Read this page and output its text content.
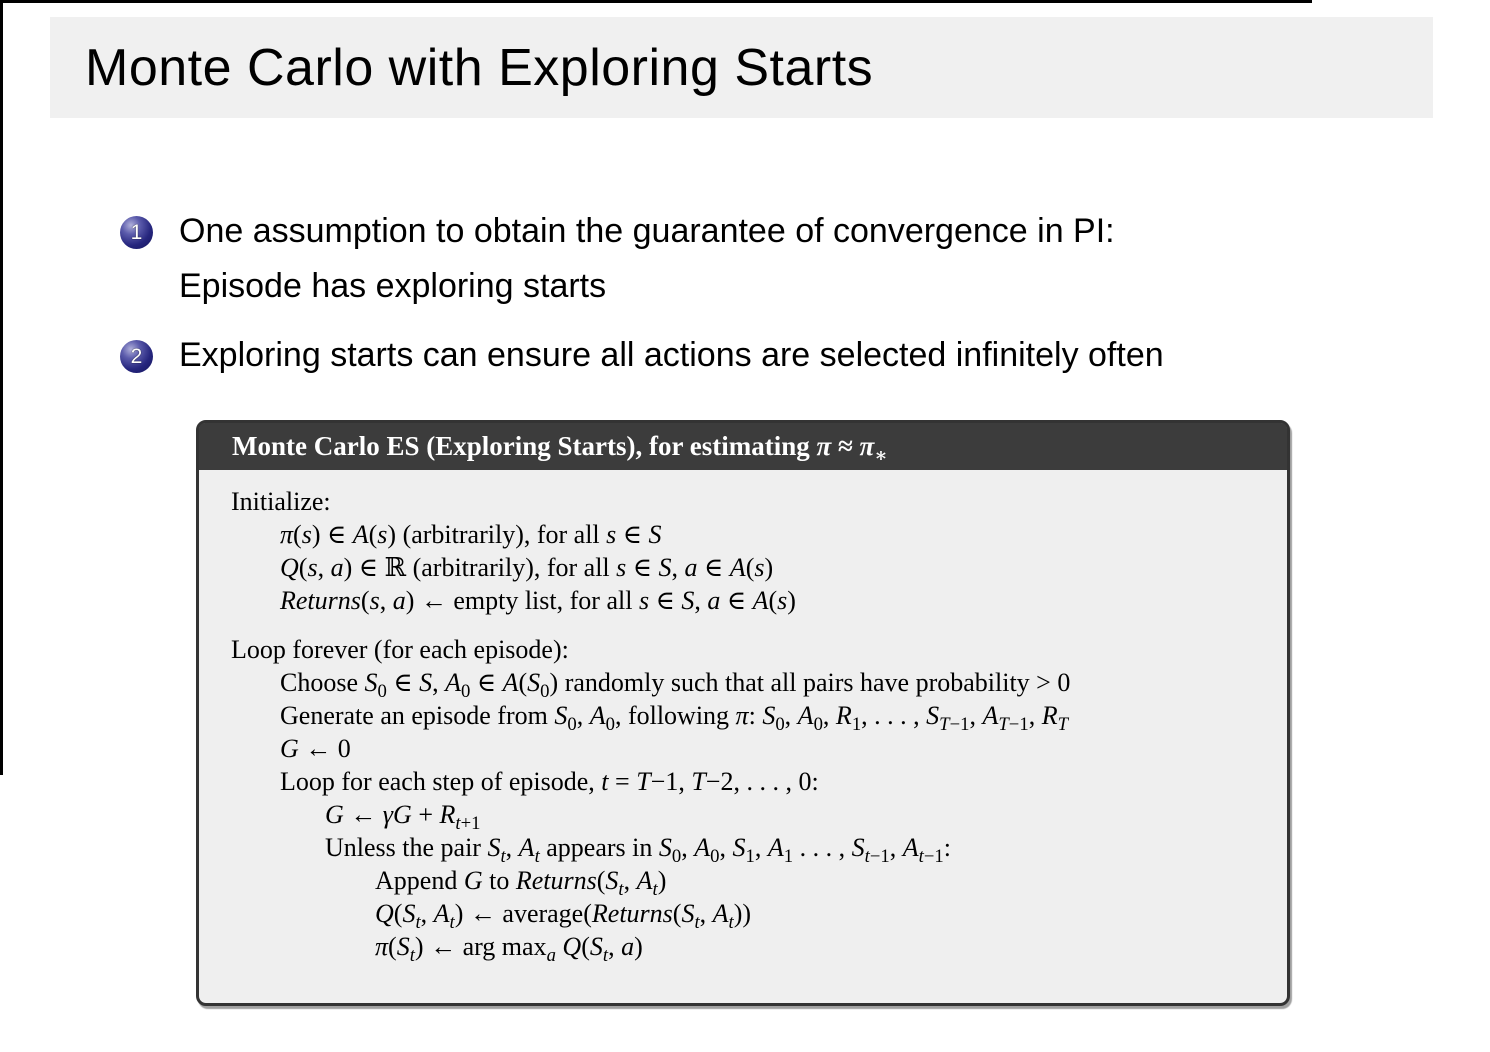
Monte Carlo with Exploring Starts
1	One assumption to obtain the guarantee of convergence in PI:
Episode has exploring starts
2	Exploring starts can ensure all actions are selected infinitely often
Monte Carlo ES (Exploring Starts), for estimating $\pi \approx \pi_∗$
Initialize:
π(s) ∈ A(s) (arbitrarily), for all s ∈ S
Q(s, a) ∈ ℝ (arbitrarily), for all s ∈ S, a ∈ A(s)
Returns(s, a) ← empty list, for all s ∈ S, a ∈ A(s)
Loop forever (for each episode):
Choose $S_0$ ∈ S, $A_0$ ∈ $A(S_0)$ randomly such that all pairs have probability > 0
Generate an episode from $S_0$, $A_0$, following π: $S_0$, $A_0$, $R_1$, . . . , $S_{T-1}$, $A_{T-1}$, $R_T$
G ← 0
Loop for each step of episode, t = T−1, T−2, . . . , 0:
G ← $\gamma G + R_{t+1}$
Unless the pair $S_t$, $A_t$ appears in $S_0$, $A_0$, $S_1$, $A_1$ . . . , $S_{t-1}$, $A_{t-1}$:
Append G to $Returns(S_t$, $A_t$)
$Q(S_t$, $A_t$) ← $average(Returns(S_t$, $A_t$))
$\pi(S_t)$ ← arg $\max_a Q(S_t$, a)
